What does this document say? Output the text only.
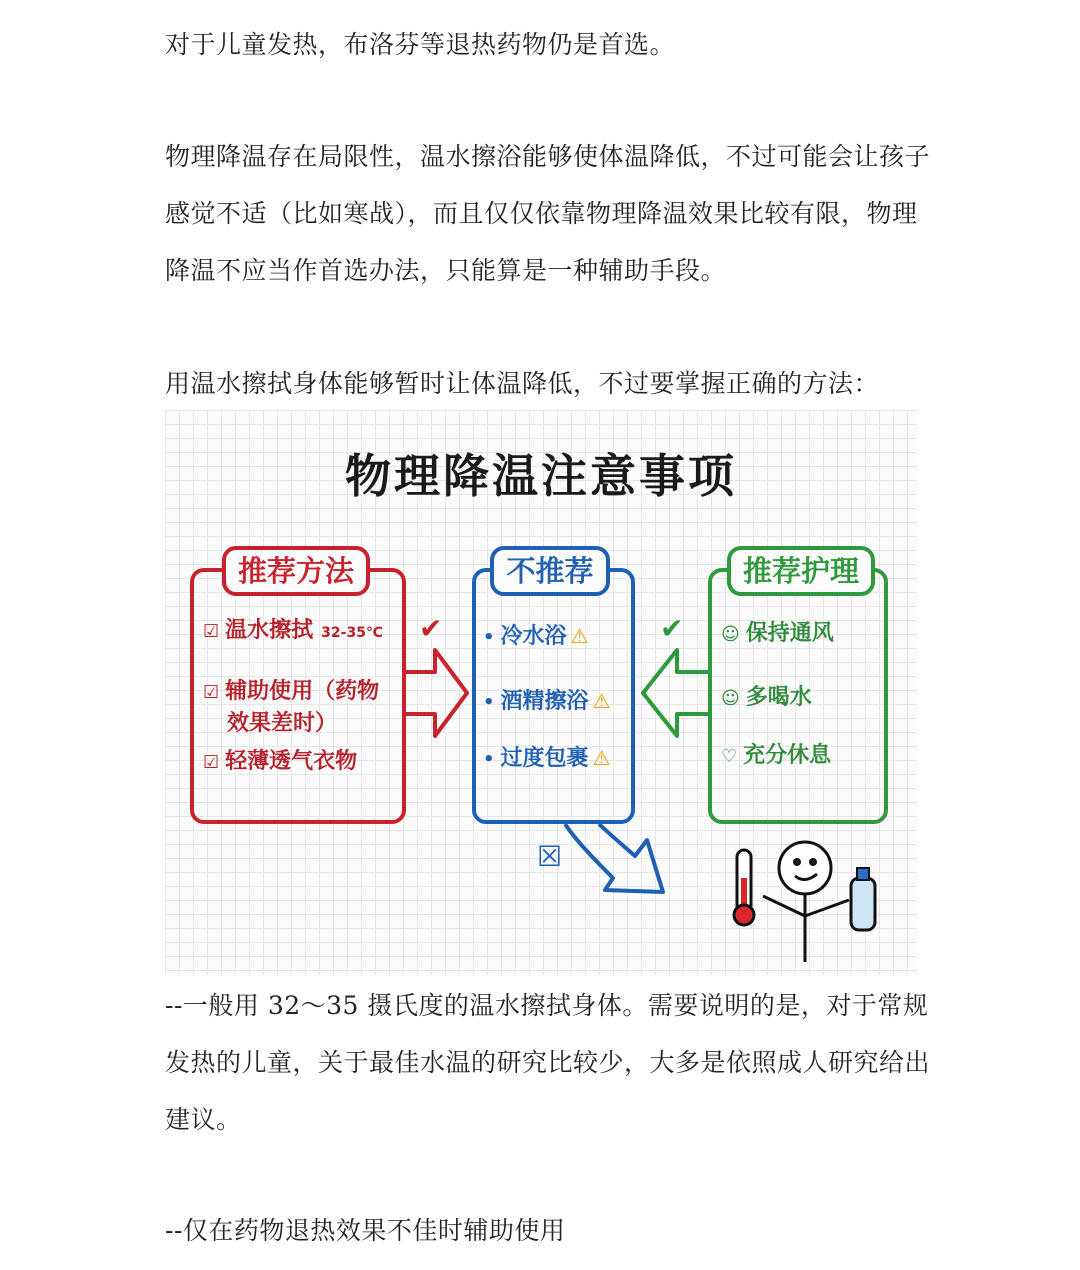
对于儿童发热，布洛芬等退热药物仍是首选。
物理降温存在局限性，温水擦浴能够使体温降低，不过可能会让孩子
感觉不适（比如寒战），而且仅仅依靠物理降温效果比较有限，物理
降温不应当作首选办法，只能算是一种辅助手段。
用温水擦拭身体能够暂时让体温降低，不过要掌握正确的方法：
物理降温注意事项
推荐方法
☑ 温水擦拭 32-35℃
☑ 辅助使用（药物
效果差时）
☑ 轻薄透气衣物
✔
不推荐
• 冷水浴 ⚠
• 酒精擦浴 ⚠
• 过度包裹 ⚠
☒
推荐护理
☺ 保持通风
☺ 多喝水
♡ 充分休息
✔
--一般用 32～35 摄氏度的温水擦拭身体。需要说明的是，对于常规
发热的儿童，关于最佳水温的研究比较少，大多是依照成人研究给出
建议。
--仅在药物退热效果不佳时辅助使用
